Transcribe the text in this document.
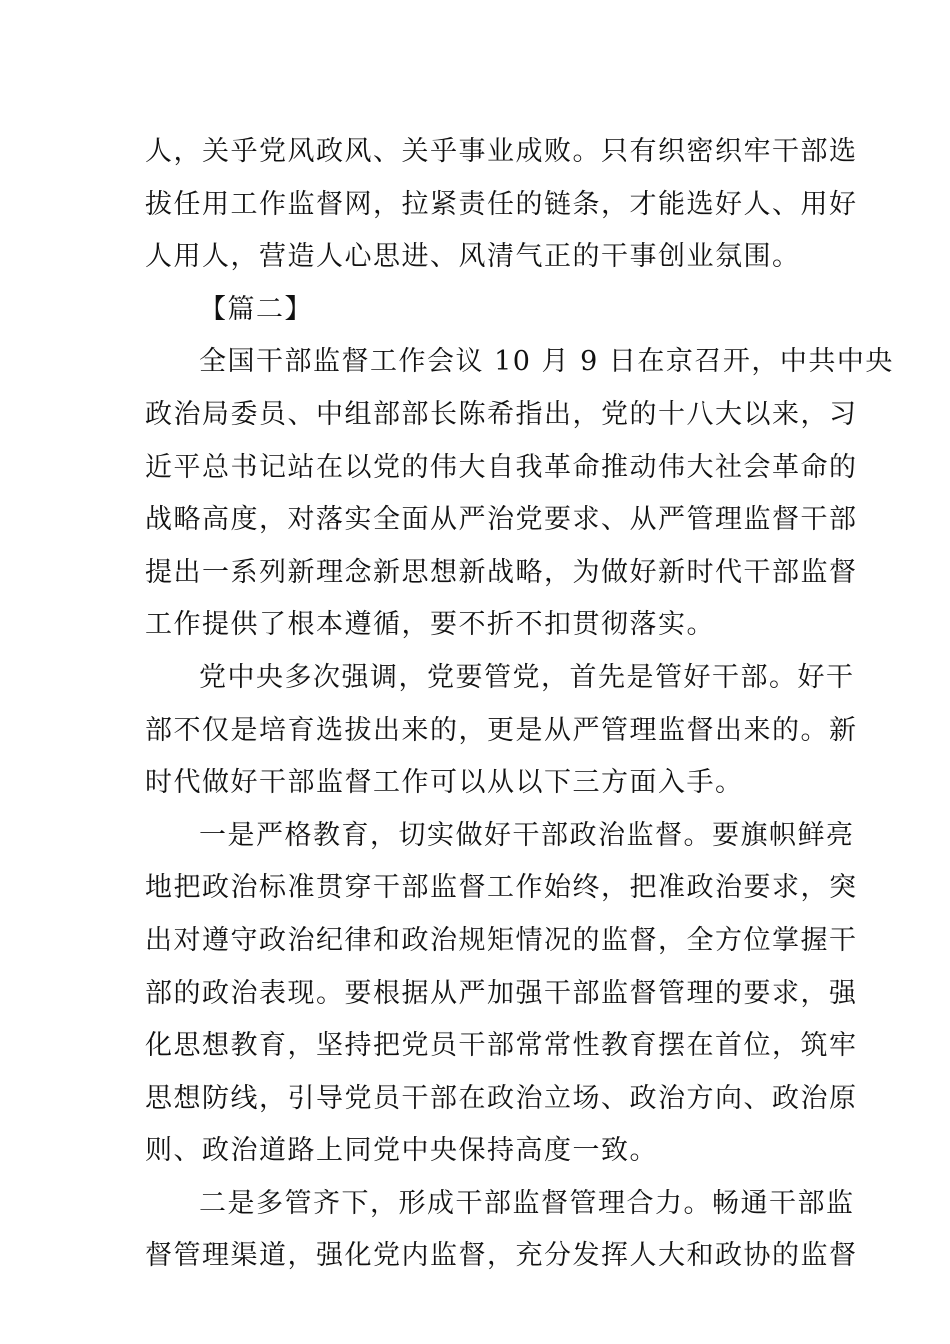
人，关乎党风政风、关乎事业成败。只有织密织牢干部选
拔任用工作监督网，拉紧责任的链条，才能选好人、用好
人用人，营造人心思进、风清气正的干事创业氛围。
【篇二】
全国干部监督工作会议 10 月 9 日在京召开，中共中央
政治局委员、中组部部长陈希指出，党的十八大以来，习
近平总书记站在以党的伟大自我革命推动伟大社会革命的
战略高度，对落实全面从严治党要求、从严管理监督干部
提出一系列新理念新思想新战略，为做好新时代干部监督
工作提供了根本遵循，要不折不扣贯彻落实。
党中央多次强调，党要管党，首先是管好干部。好干
部不仅是培育选拔出来的，更是从严管理监督出来的。新
时代做好干部监督工作可以从以下三方面入手。
一是严格教育，切实做好干部政治监督。要旗帜鲜亮
地把政治标准贯穿干部监督工作始终，把准政治要求，突
出对遵守政治纪律和政治规矩情况的监督，全方位掌握干
部的政治表现。要根据从严加强干部监督管理的要求，强
化思想教育，坚持把党员干部常常性教育摆在首位，筑牢
思想防线，引导党员干部在政治立场、政治方向、政治原
则、政治道路上同党中央保持高度一致。
二是多管齐下，形成干部监督管理合力。畅通干部监
督管理渠道，强化党内监督，充分发挥人大和政协的监督
